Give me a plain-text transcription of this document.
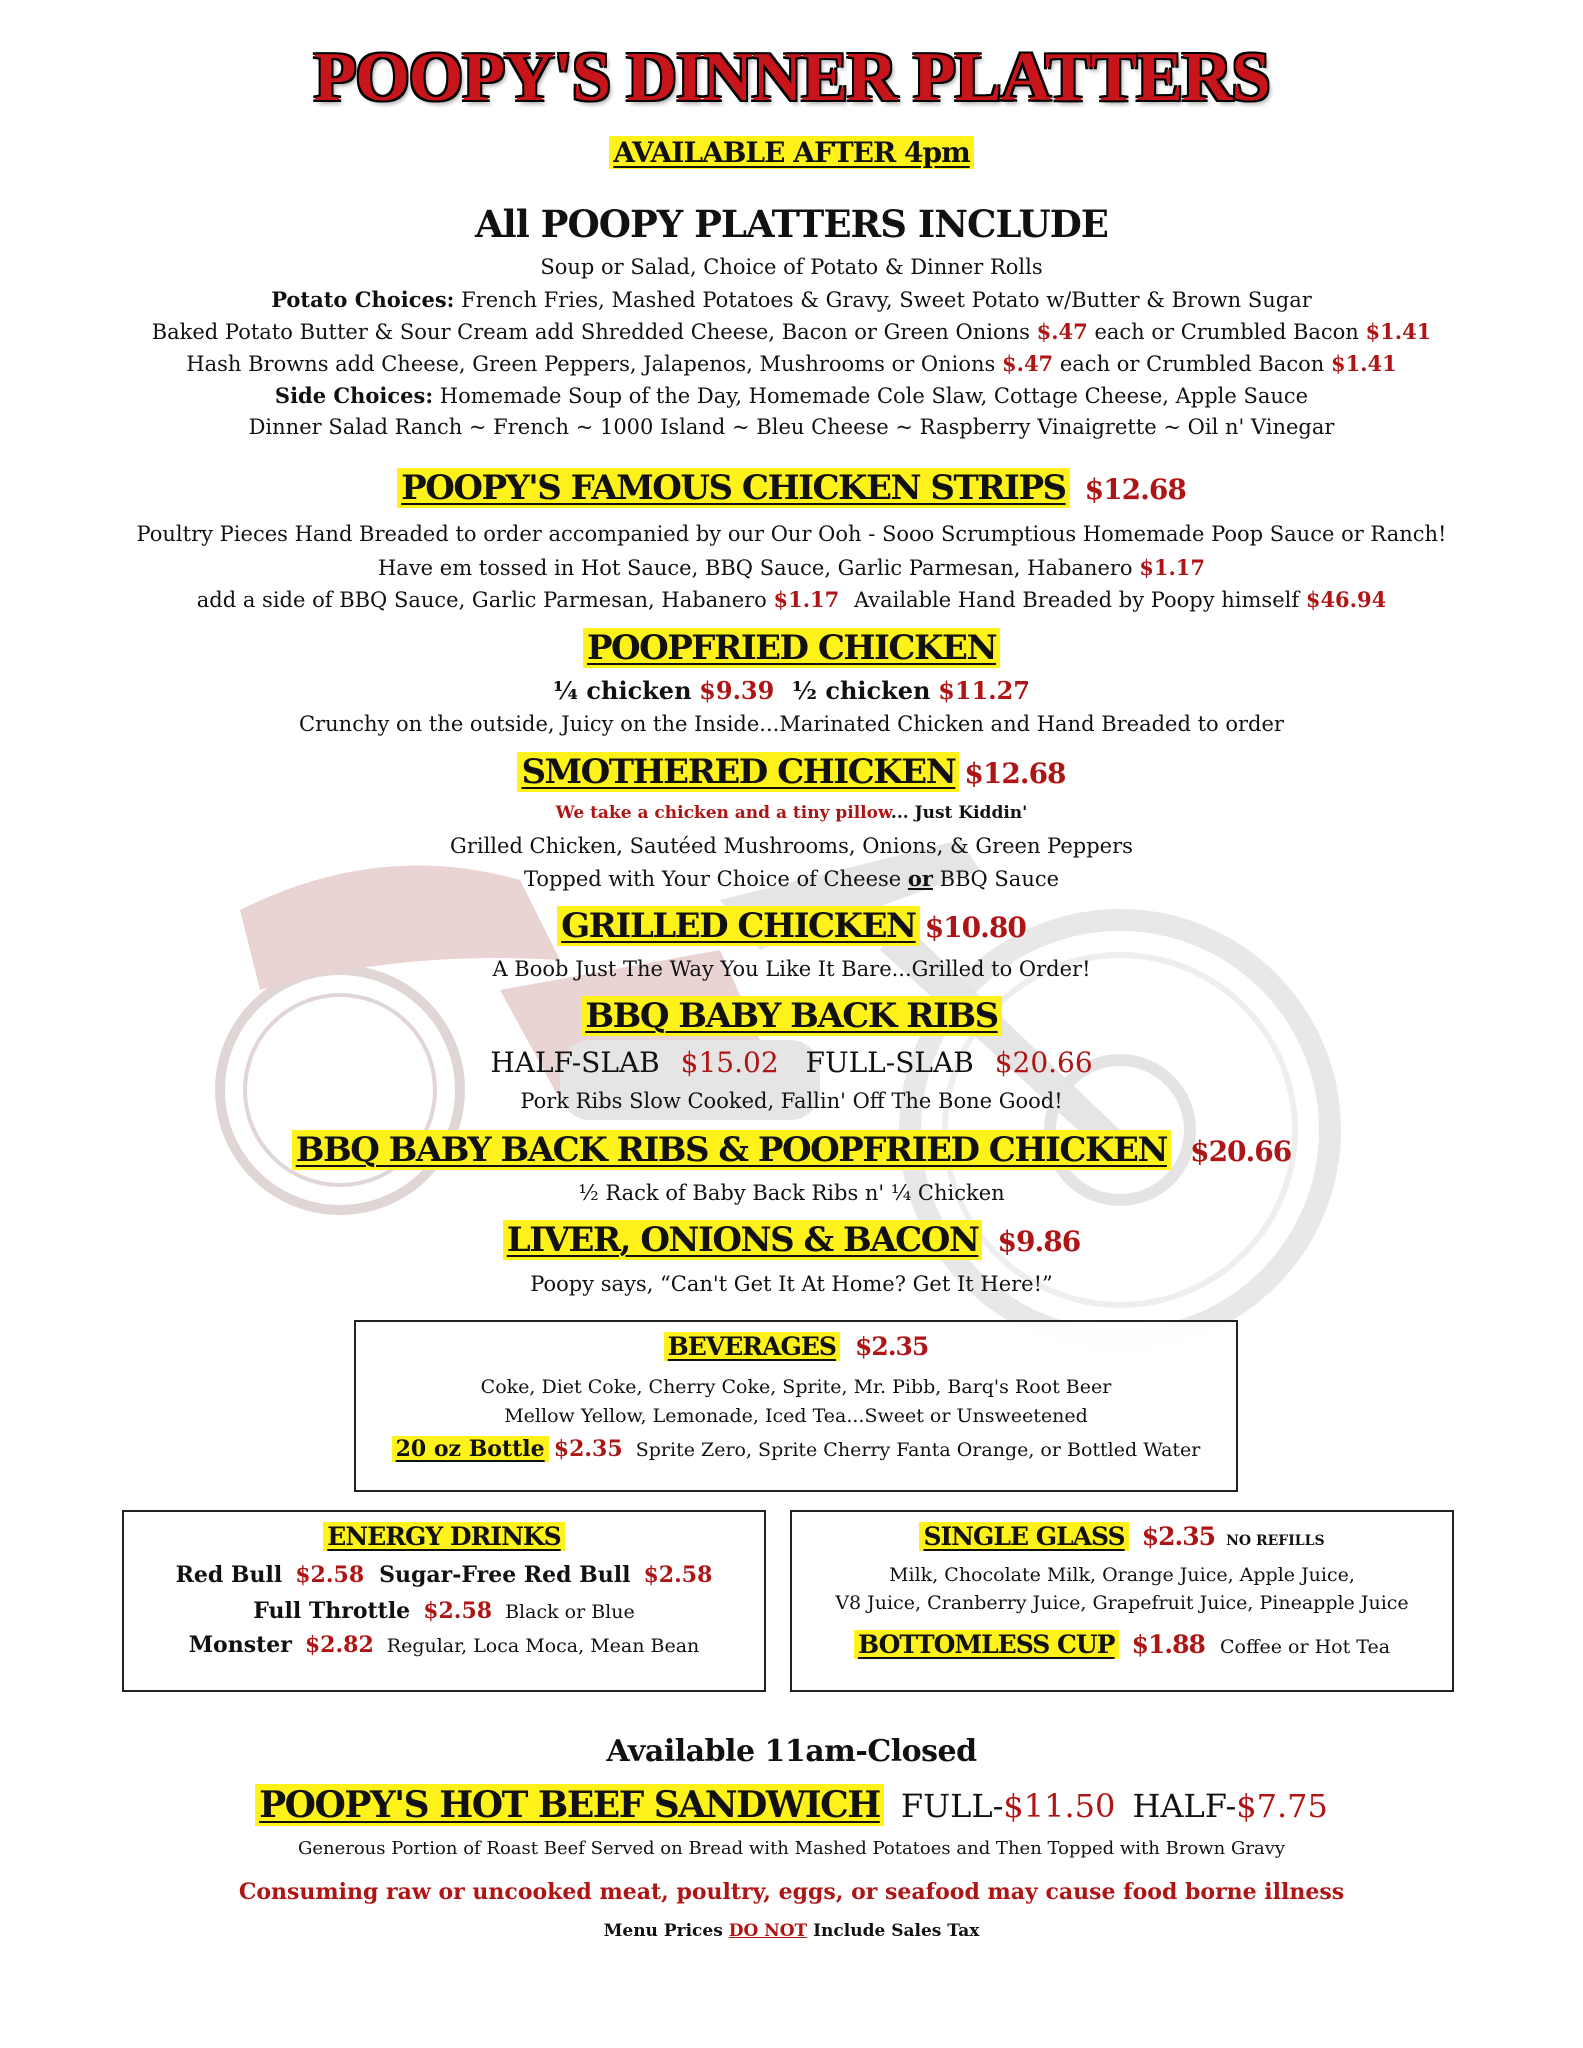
POOPY'S DINNER PLATTERS
AVAILABLE AFTER 4pm
All POOPY PLATTERS INCLUDE
Soup or Salad, Choice of Potato & Dinner Rolls
Potato Choices: French Fries, Mashed Potatoes & Gravy, Sweet Potato w/Butter & Brown Sugar
Baked Potato Butter & Sour Cream add Shredded Cheese, Bacon or Green Onions $.47 each or Crumbled Bacon $1.41
Hash Browns add Cheese, Green Peppers, Jalapenos, Mushrooms or Onions $.47 each or Crumbled Bacon $1.41
Side Choices: Homemade Soup of the Day, Homemade Cole Slaw, Cottage Cheese, Apple Sauce
Dinner Salad Ranch ~ French ~ 1000 Island ~ Bleu Cheese ~ Raspberry Vinaigrette ~ Oil n' Vinegar
POOPY'S FAMOUS CHICKEN STRIPS $12.68
Poultry Pieces Hand Breaded to order accompanied by our Our Ooh - Sooo Scrumptious Homemade Poop Sauce or Ranch!
Have em tossed in Hot Sauce, BBQ Sauce, Garlic Parmesan, Habanero $1.17
add a side of BBQ Sauce, Garlic Parmesan, Habanero $1.17 Available Hand Breaded by Poopy himself $46.94
POOPFRIED CHICKEN
¼ chicken $9.39 ½ chicken $11.27
Crunchy on the outside, Juicy on the Inside...Marinated Chicken and Hand Breaded to order
SMOTHERED CHICKEN $12.68
We take a chicken and a tiny pillow... Just Kiddin'
Grilled Chicken, Sautéed Mushrooms, Onions, & Green Peppers
Topped with Your Choice of Cheese or BBQ Sauce
GRILLED CHICKEN $10.80
A Boob Just The Way You Like It Bare...Grilled to Order!
BBQ BABY BACK RIBS
HALF-SLAB $15.02 FULL-SLAB $20.66
Pork Ribs Slow Cooked, Fallin' Off The Bone Good!
BBQ BABY BACK RIBS & POOPFRIED CHICKEN $20.66
½ Rack of Baby Back Ribs n' ¼ Chicken
LIVER, ONIONS & BACON $9.86
Poopy says, “Can't Get It At Home? Get It Here!”
BEVERAGES $2.35
Coke, Diet Coke, Cherry Coke, Sprite, Mr. Pibb, Barq's Root Beer
Mellow Yellow, Lemonade, Iced Tea...Sweet or Unsweetened
20 oz Bottle $2.35 Sprite Zero, Sprite Cherry Fanta Orange, or Bottled Water
ENERGY DRINKS
Red Bull $2.58 Sugar-Free Red Bull $2.58
Full Throttle $2.58 Black or Blue
Monster $2.82 Regular, Loca Moca, Mean Bean
SINGLE GLASS $2.35 NO REFILLS
Milk, Chocolate Milk, Orange Juice, Apple Juice,
V8 Juice, Cranberry Juice, Grapefruit Juice, Pineapple Juice
BOTTOMLESS CUP $1.88 Coffee or Hot Tea
Available 11am-Closed
POOPY'S HOT BEEF SANDWICH FULL-$11.50 HALF-$7.75
Generous Portion of Roast Beef Served on Bread with Mashed Potatoes and Then Topped with Brown Gravy
Consuming raw or uncooked meat, poultry, eggs, or seafood may cause food borne illness
Menu Prices DO NOT Include Sales Tax
